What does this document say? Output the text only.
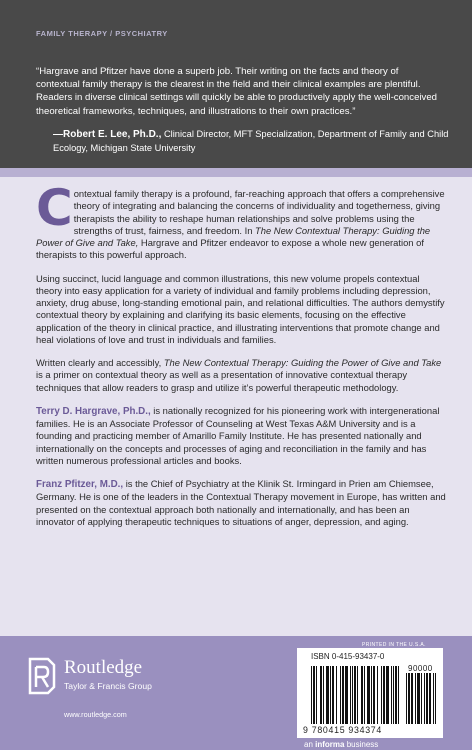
FAMILY THERAPY / PSYCHIATRY
“Hargrave and Pfitzer have done a superb job. Their writing on the facts and theory of contextual family therapy is the clearest in the field and their clinical examples are plentiful. Readers in diverse clinical settings will quickly be able to productively apply the well-conceived theoretical frameworks, techniques, and illustrations to their own practices.”
—Robert E. Lee, Ph.D., Clinical Director, MFT Specialization, Department of Family and Child Ecology, Michigan State University

Contextual family therapy is a profound, far-reaching approach that offers a comprehensive theory of integrating and balancing the concerns of individuality and togetherness, giving therapists the ability to reshape human relationships and solve problems using the strengths of trust, fairness, and freedom. In The New Contextual Therapy: Guiding the Power of Give and Take, Hargrave and Pfitzer endeavor to expose a whole new generation of therapists to this powerful approach.

Using succinct, lucid language and common illustrations, this new volume propels contextual theory into easy application for a variety of individual and family problems including depression, anxiety, drug abuse, long-standing emotional pain, and relational difficulties. The authors demystify contextual theory by explaining and clarifying its basic elements, focusing on the effective application of the theory in clinical practice, and illustrating interventions that promote change and heal violations of love and trust in individuals and families.

Written clearly and accessibly, The New Contextual Therapy: Guiding the Power of Give and Take is a primer on contextual theory as well as a presentation of innovative contextual therapy techniques that allow readers to grasp and utilize it’s powerful therapeutic methodology.

Terry D. Hargrave, Ph.D., is nationally recognized for his pioneering work with intergenerational families. He is an Associate Professor of Counseling at West Texas A&M University and is a founding and practicing member of Amarillo Family Institute. He has presented nationally and internationally on the concepts and processes of aging and reconciliation in the family and has written numerous professional articles and books.

Franz Pfitzer, M.D., is the Chief of Psychiatry at the Klinik St. Irmingard in Prien am Chiemsee, Germany. He is one of the leaders in the Contextual Therapy movement in Europe, has written and presented on the contextual approach both nationally and internationally, and has been an innovator of applying therapeutic techniques to situations of anger, depression, and aging.

Routledge
Taylor & Francis Group
www.routledge.com
PRINTED IN THE U.S.A.
ISBN 0-415-93437-0
90000
9 780415 934374
an informa business
